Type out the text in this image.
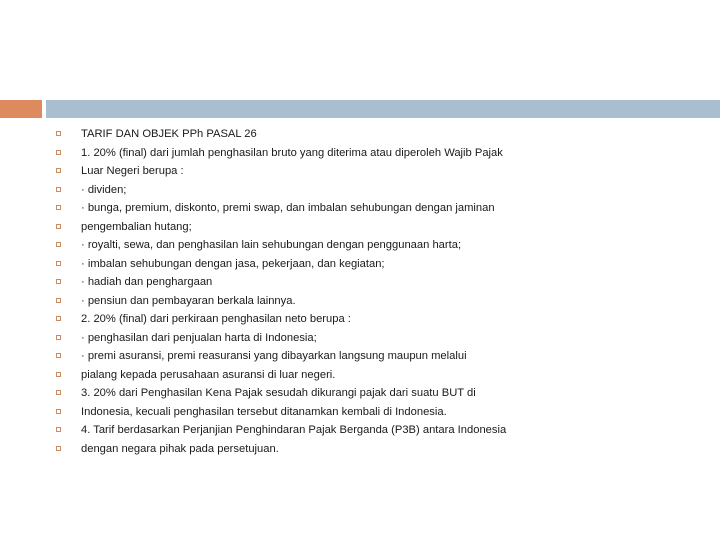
TARIF DAN OBJEK PPh PASAL 26
1. 20% (final) dari jumlah penghasilan bruto yang diterima atau diperoleh Wajib Pajak
Luar Negeri berupa :
· dividen;
· bunga, premium, diskonto, premi swap, dan imbalan sehubungan dengan jaminan
pengembalian hutang;
· royalti, sewa, dan penghasilan lain sehubungan dengan penggunaan harta;
· imbalan sehubungan dengan jasa, pekerjaan, dan kegiatan;
· hadiah dan penghargaan
· pensiun dan pembayaran berkala lainnya.
2. 20% (final) dari perkiraan penghasilan neto berupa :
· penghasilan dari penjualan harta di Indonesia;
· premi asuransi, premi reasuransi yang dibayarkan langsung maupun melalui
pialang kepada perusahaan asuransi di luar negeri.
3. 20% dari Penghasilan Kena Pajak sesudah dikurangi pajak dari suatu BUT di
Indonesia, kecuali penghasilan tersebut ditanamkan kembali di Indonesia.
4. Tarif berdasarkan Perjanjian Penghindaran Pajak Berganda (P3B) antara Indonesia
dengan negara pihak pada persetujuan.
